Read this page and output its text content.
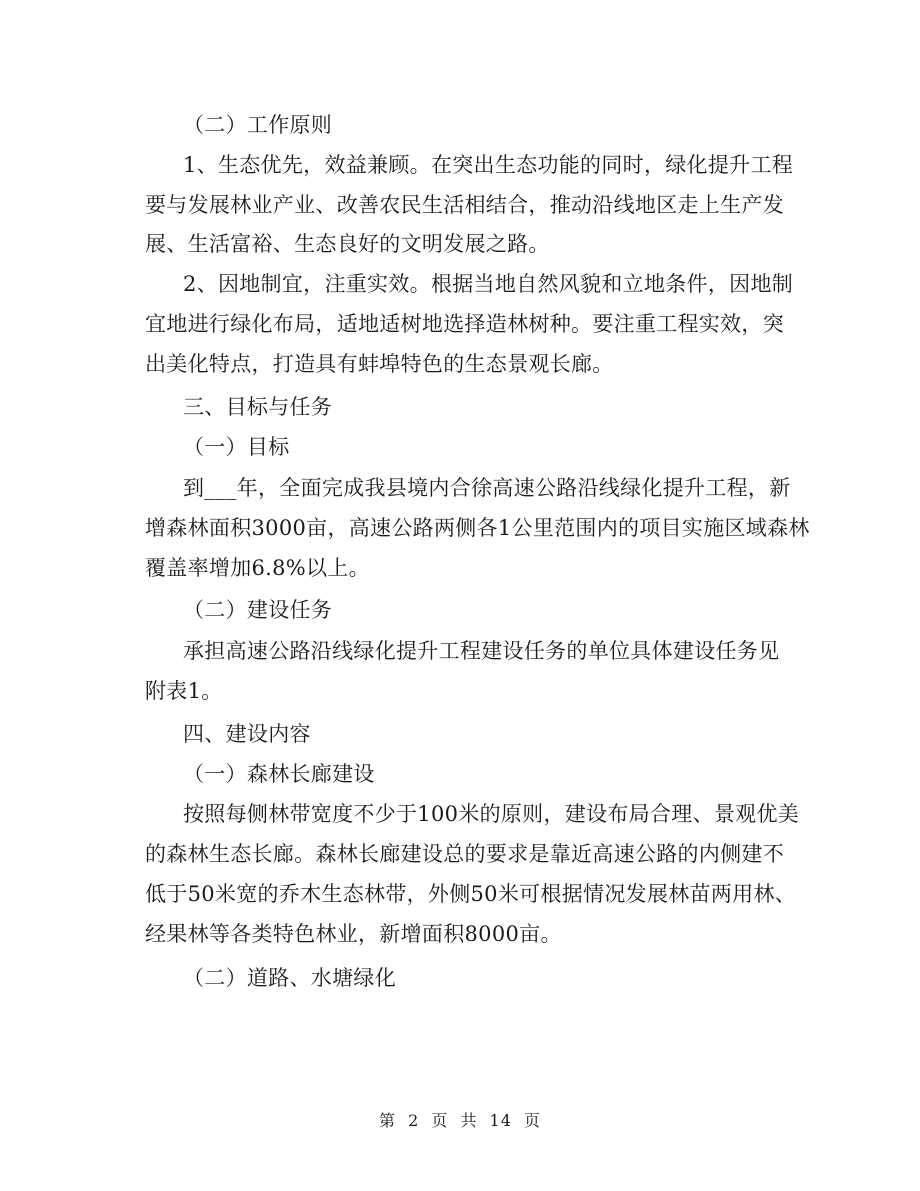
（二）工作原则
1、生态优先，效益兼顾。在突出生态功能的同时，绿化提升工程
要与发展林业产业、改善农民生活相结合，推动沿线地区走上生产发
展、生活富裕、生态良好的文明发展之路。
2、因地制宜，注重实效。根据当地自然风貌和立地条件，因地制
宜地进行绿化布局，适地适树地选择造林树种。要注重工程实效，突
出美化特点，打造具有蚌埠特色的生态景观长廊。
三、目标与任务
（一）目标
到___年，全面完成我县境内合徐高速公路沿线绿化提升工程，新
增森林面积3000亩，高速公路两侧各1公里范围内的项目实施区域森林
覆盖率增加6.8%以上。
（二）建设任务
承担高速公路沿线绿化提升工程建设任务的单位具体建设任务见
附表1。
四、建设内容
（一）森林长廊建设
按照每侧林带宽度不少于100米的原则，建设布局合理、景观优美
的森林生态长廊。森林长廊建设总的要求是靠近高速公路的内侧建不
低于50米宽的乔木生态林带，外侧50米可根据情况发展林苗两用林、
经果林等各类特色林业，新增面积8000亩。
（二）道路、水塘绿化
第 2 页 共 14 页
